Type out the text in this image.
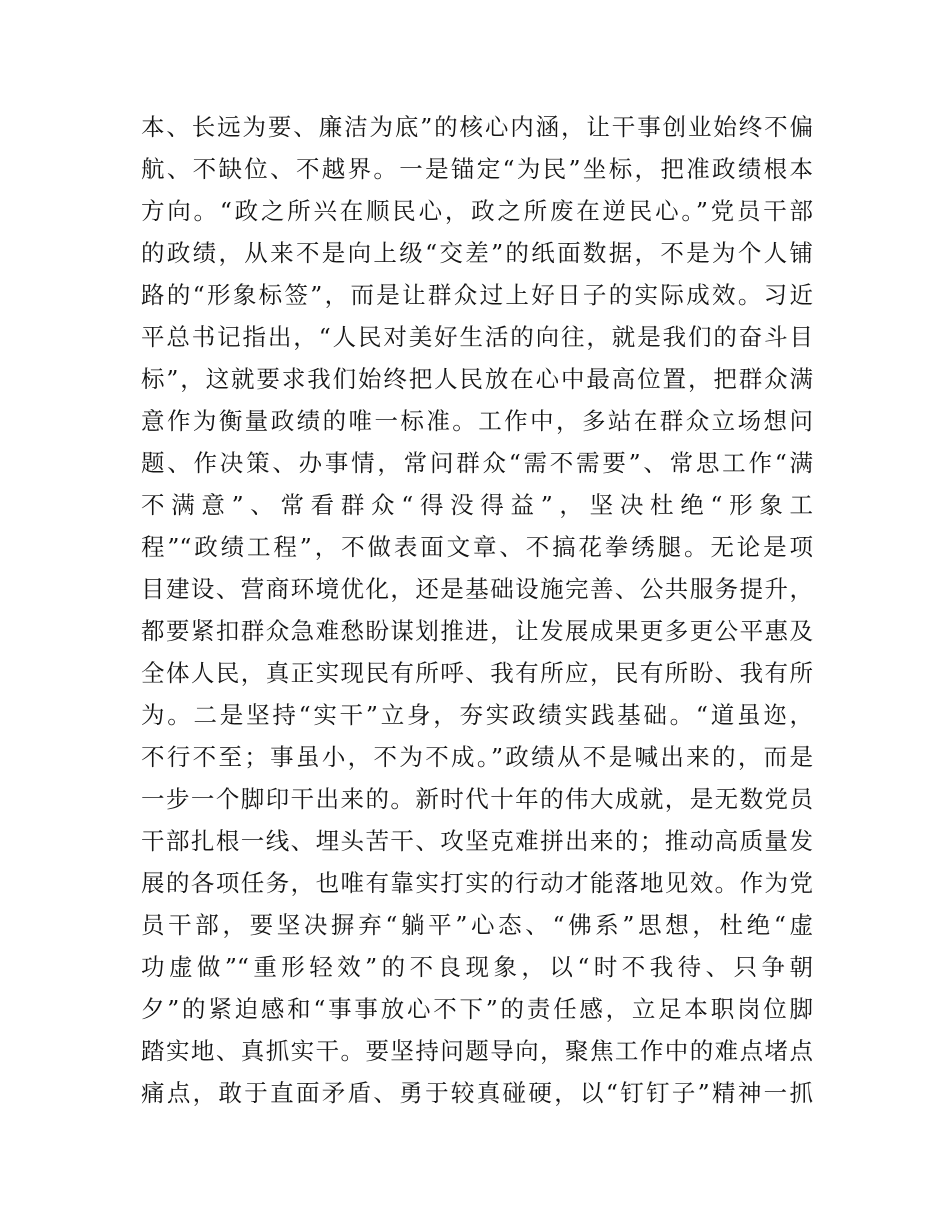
本、长远为要、廉洁为底”的核心内涵，让干事创业始终不偏
航、不缺位、不越界。一是锚定“为民”坐标，把准政绩根本
方向。“政之所兴在顺民心，政之所废在逆民心。”党员干部
的政绩，从来不是向上级“交差”的纸面数据，不是为个人铺
路的“形象标签”，而是让群众过上好日子的实际成效。习近
平总书记指出，“人民对美好生活的向往，就是我们的奋斗目
标”，这就要求我们始终把人民放在心中最高位置，把群众满
意作为衡量政绩的唯一标准。工作中，多站在群众立场想问
题、作决策、办事情，常问群众“需不需要”、常思工作“满
不满意”、常看群众“得没得益”，坚决杜绝“形象工
程”“政绩工程”，不做表面文章、不搞花拳绣腿。无论是项
目建设、营商环境优化，还是基础设施完善、公共服务提升，
都要紧扣群众急难愁盼谋划推进，让发展成果更多更公平惠及
全体人民，真正实现民有所呼、我有所应，民有所盼、我有所
为。二是坚持“实干”立身，夯实政绩实践基础。“道虽迩，
不行不至；事虽小，不为不成。”政绩从不是喊出来的，而是
一步一个脚印干出来的。新时代十年的伟大成就，是无数党员
干部扎根一线、埋头苦干、攻坚克难拼出来的；推动高质量发
展的各项任务，也唯有靠实打实的行动才能落地见效。作为党
员干部，要坚决摒弃“躺平”心态、“佛系”思想，杜绝“虚
功虚做”“重形轻效”的不良现象，以“时不我待、只争朝
夕”的紧迫感和“事事放心不下”的责任感，立足本职岗位脚
踏实地、真抓实干。要坚持问题导向，聚焦工作中的难点堵点
痛点，敢于直面矛盾、勇于较真碰硬，以“钉钉子”精神一抓
